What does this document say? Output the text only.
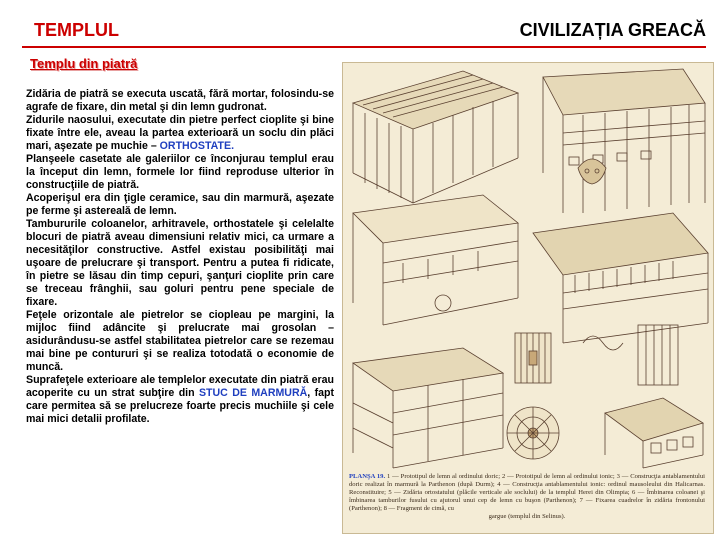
TEMPLUL	CIVILIZAȚIA GREACĂ
Templu din piatră

Zidăria de piatră se executa uscată, fără mortar, folosindu-se agrafe de fixare, din metal şi din lemn gudronat.

Zidurile naosului, executate din pietre perfect cioplite şi bine fixate între ele, aveau la partea exterioară un soclu din plăci mari, aşezate pe muchie – ORTHOSTATE.

Planşeele casetate ale galeriilor ce înconjurau templul erau la început din lemn, formele lor fiind reproduse ulterior în construcţiile de piatră.

Acoperişul era din ţigle ceramice, sau din marmură, aşezate pe ferme şi astereală de lemn.

Tambururile coloanelor, arhitravele, orthostatele şi celelalte blocuri de piatră aveau dimensiuni relativ mici, ca urmare a necesităţilor constructive. Astfel existau posibilităţi mai uşoare de prelucrare şi transport. Pentru a putea fi ridicate, în pietre se lăsau din timp cepuri, şanţuri cioplite prin care se treceau frânghii, sau goluri pentru pene speciale de fixare.

Feţele orizontale ale pietrelor se ciopleau pe margini, la mijloc fiind adâncite şi prelucrate mai grosolan – asidurândusu-se astfel stabilitatea pietrelor care se rezemau mai bine pe contururi şi se realiza totodată o economie de muncă.

Suprafeţele exterioare ale templelor executate din piatră erau acoperite cu un strat subţire din STUC DE MARMURĂ, fapt care permitea să se prelucreze foarte precis muchiile şi cele mai mici detalii profilate.

PLANŞA 19. 1 — Prototipul de lemn al ordinului doric; 2 — Prototipul de lemn al ordinului ionic; 3 — Construcţia antablamentului doric realizat în marmură la Parthenon (după Durm); 4 — Construcţia antablamentului ionic: ordinul mausoleului din Halicarnas. Reconstituire; 5 — Zidăria ortostatului (plăcile verticale ale soclului) de la templul Herei din Olimpia; 6 — Îmbinarea coloanei şi îmbinarea tamburilor fusului cu ajutorul unui cep de lemn cu buşon (Parthenon); 7 — Fixarea cuadrelor în zidăria frontonului (Parthenon); 8 — Fragment de cimă, cu
gargue (templul din Selinus).
